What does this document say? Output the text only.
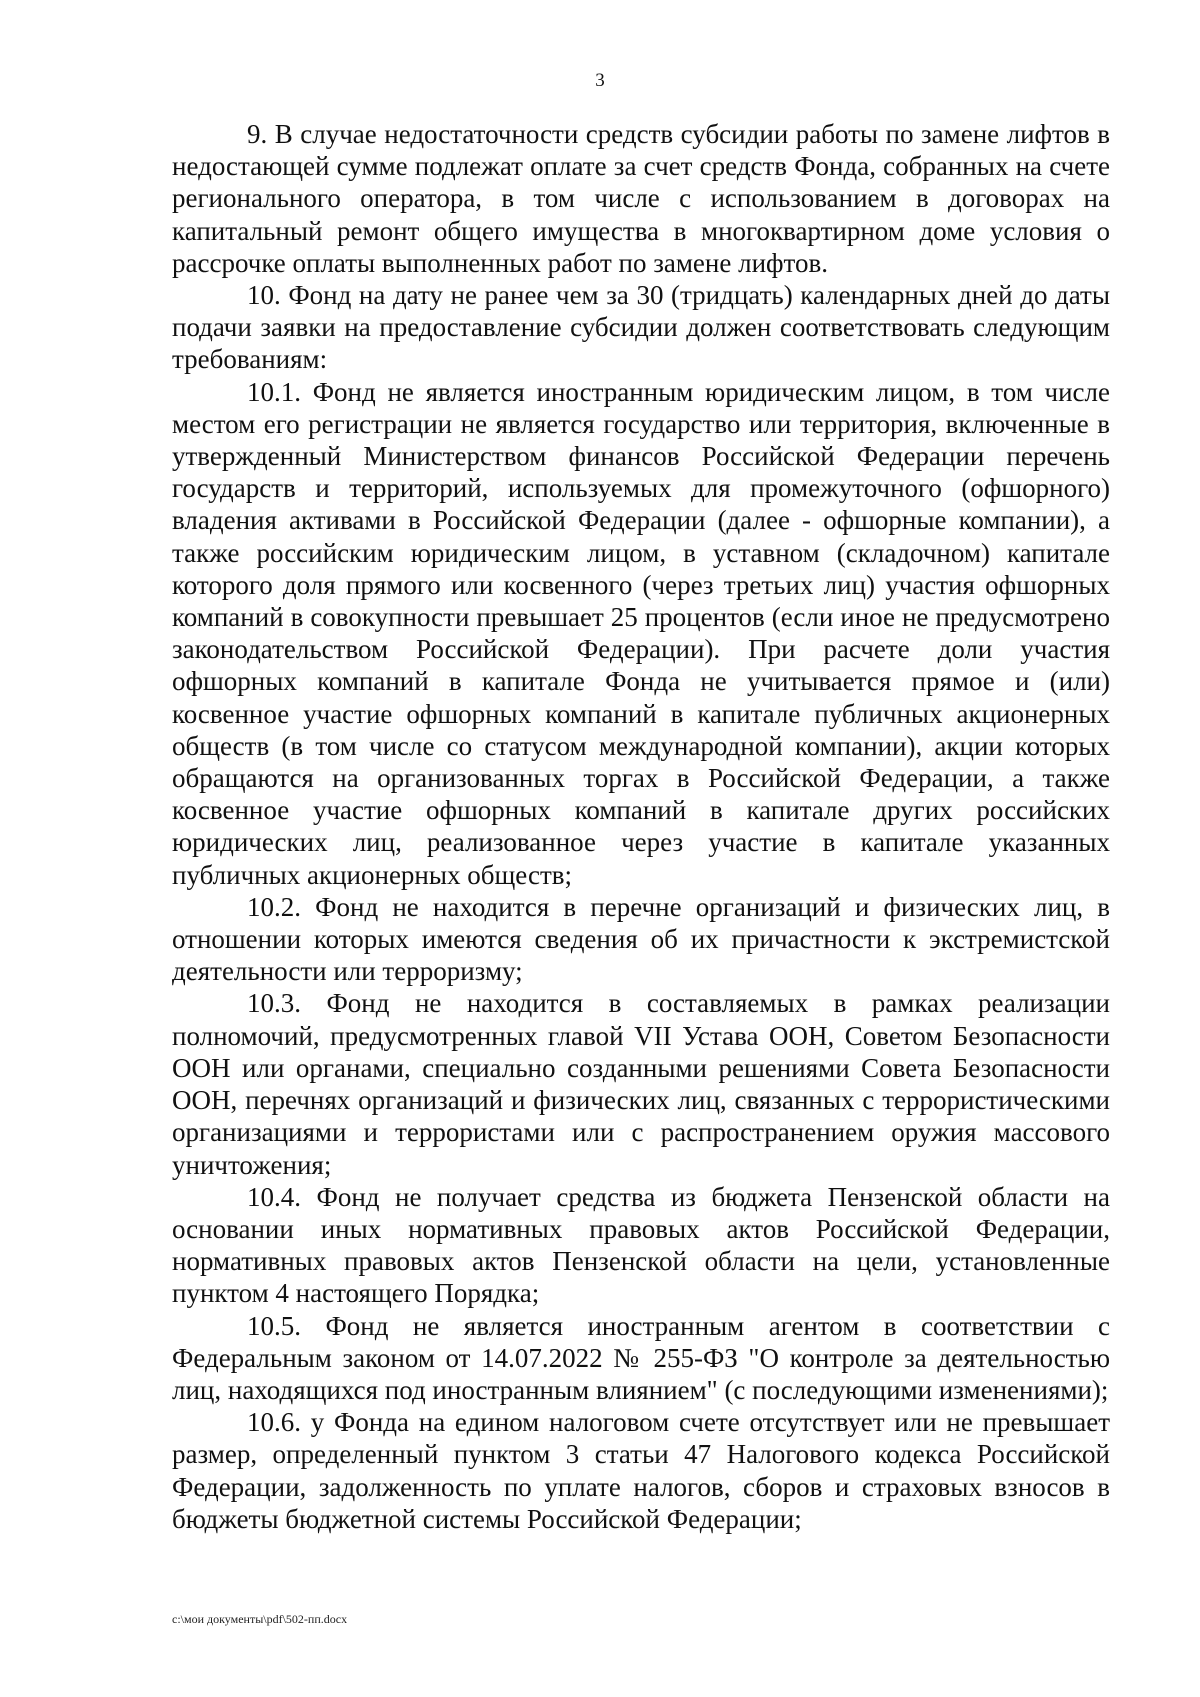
3

9. В случае недостаточности средств субсидии работы по замене лифтов в недостающей сумме подлежат оплате за счет средств Фонда, собранных на счете регионального оператора, в том числе с использованием в договорах на капитальный ремонт общего имущества в многоквартирном доме условия о рассрочке оплаты выполненных работ по замене лифтов.

10. Фонд на дату не ранее чем за 30 (тридцать) календарных дней до даты подачи заявки на предоставление субсидии должен соответствовать следующим требованиям:

10.1. Фонд не является иностранным юридическим лицом, в том числе местом его регистрации не является государство или территория, включенные в утвержденный Министерством финансов Российской Федерации перечень государств и территорий, используемых для промежуточного (офшорного) владения активами в Российской Федерации (далее - офшорные компании), а также российским юридическим лицом, в уставном (складочном) капитале которого доля прямого или косвенного (через третьих лиц) участия офшорных компаний в совокупности превышает 25 процентов (если иное не предусмотрено законодательством Российской Федерации). При расчете доли участия офшорных компаний в капитале Фонда не учитывается прямое и (или) косвенное участие офшорных компаний в капитале публичных акционерных обществ (в том числе со статусом международной компании), акции которых обращаются на организованных торгах в Российской Федерации, а также косвенное участие офшорных компаний в капитале других российских юридических лиц, реализованное через участие в капитале указанных публичных акционерных обществ;

10.2. Фонд не находится в перечне организаций и физических лиц, в отношении которых имеются сведения об их причастности к экстремистской деятельности или терроризму;

10.3. Фонд не находится в составляемых в рамках реализации полномочий, предусмотренных главой VII Устава ООН, Советом Безопасности ООН или органами, специально созданными решениями Совета Безопасности ООН, перечнях организаций и физических лиц, связанных с террористическими организациями и террористами или с распространением оружия массового уничтожения;

10.4. Фонд не получает средства из бюджета Пензенской области на основании иных нормативных правовых актов Российской Федерации, нормативных правовых актов Пензенской области на цели, установленные пунктом 4 настоящего Порядка;

10.5. Фонд не является иностранным агентом в соответствии с Федеральным законом от 14.07.2022 № 255-ФЗ "О контроле за деятельностью лиц, находящихся под иностранным влиянием" (с последующими изменениями);

10.6. у Фонда на едином налоговом счете отсутствует или не превышает размер, определенный пунктом 3 статьи 47 Налогового кодекса Российской Федерации, задолженность по уплате налогов, сборов и страховых взносов в бюджеты бюджетной системы Российской Федерации;

c:\мои документы\pdf\502-пп.docx
